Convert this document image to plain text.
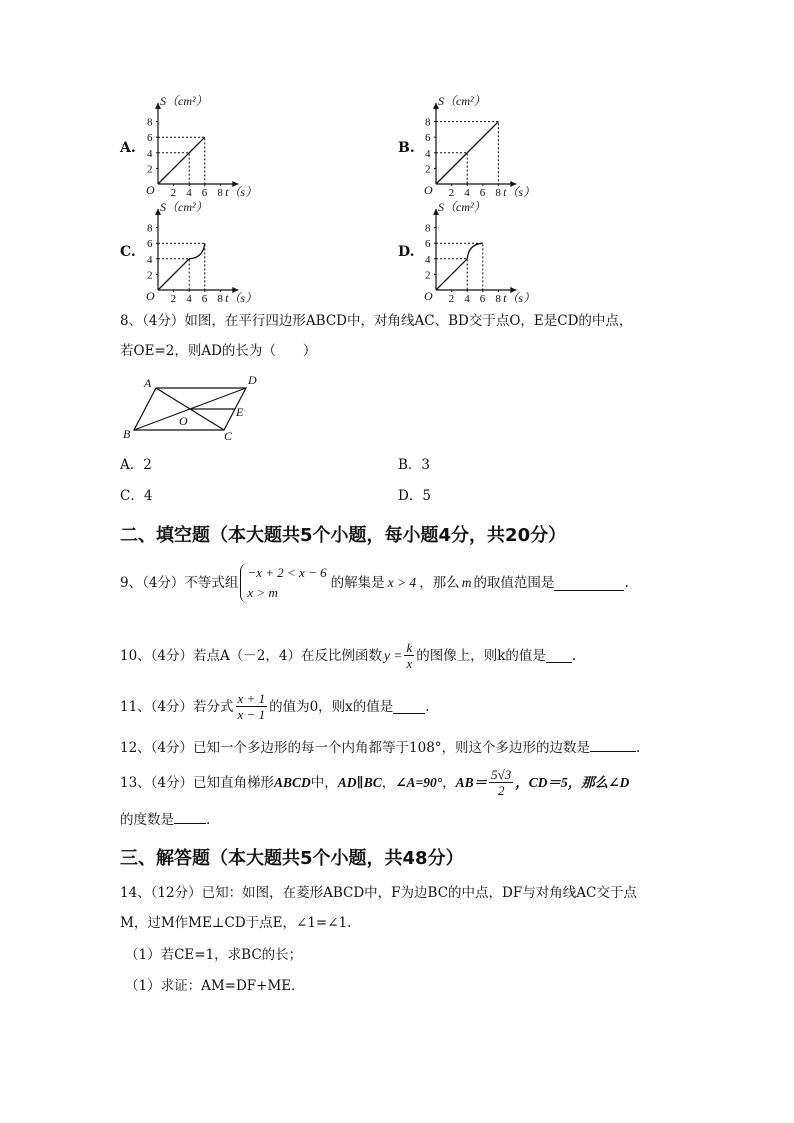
A.
S（cm²）
t（s）
O
2
4
6
8
2 4 6 8
B.
S（cm²）
t（s）
O
2
4
6
8
2 4 6 8
C.
S（cm²）
t（s）
O
2
4
6
8
2 4 6 8
D.
S（cm²）
t（s）
O
2
4
6
8
2 4 6 8
8、（4分）如图，在平行四边形ABCD中，对角线AC、BD交于点O，E是CD的中点，
若OE=2，则AD的长为（　　）
A	D
B	C
E
O
A．2	B．3
C．4	D．5
二、填空题（本大题共5个小题，每小题4分，共20分）
9、（4分）不等式组
−x + 2 < x − 6
x > m
的解集是 x > 4 ，那么 m 的取值范围是	.
10、（4分）若点A（－2，4）在反比例函数 $y = \frac{k}{x}$ 的图像上，则k的值是 .
11、（4分）若分式 $\frac{x + 1}{x - 1}$ 的值为0，则x的值是 .
12、（4分）已知一个多边形的每一个内角都等于108°，则这个多边形的边数是	.
13、（4分）已知直角梯形 ABCD 中， AD∥BC ， ∠A=90° ， $AB= \frac{5√3}{2}$ ，CD＝5，那么∠D
的度数是 .
三、解答题（本大题共5个小题，共48分）
14、（12分）已知：如图，在菱形ABCD中，F为边BC的中点，DF与对角线AC交于点
M，过M作ME⊥CD于点E，∠1=∠1.
（1）若CE=1，求BC的长；
（1）求证：AM=DF+ME．
